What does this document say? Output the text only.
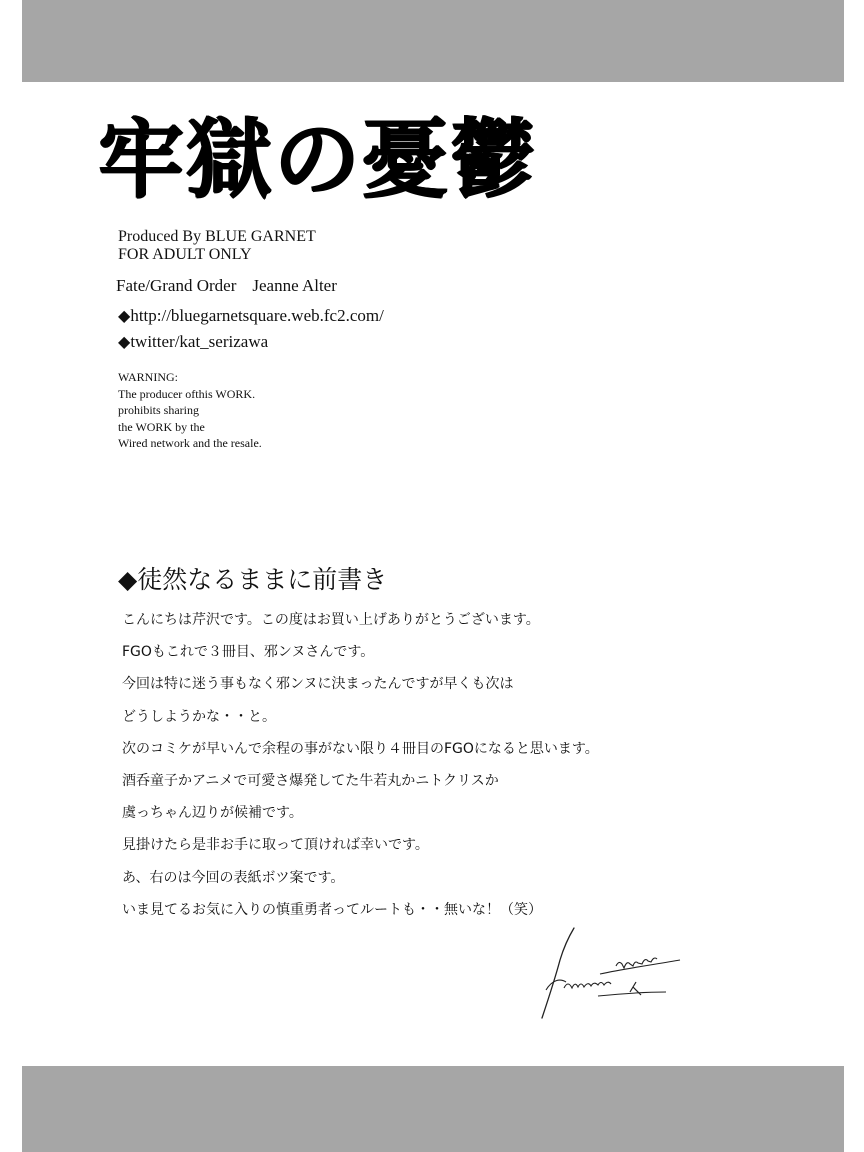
牢獄の憂鬱
Produced By BLUE GARNET
FOR ADULT ONLY
Fate/Grand Order Jeanne Alter
◆http://bluegarnetsquare.web.fc2.com/
◆twitter/kat_serizawa
WARNING:
The producer ofthis WORK.
prohibits sharing
the WORK by the
Wired network and the resale.
◆徒然なるままに前書き
こんにちは芹沢です。この度はお買い上げありがとうございます。
FGOもこれで３冊目、邪ンヌさんです。
今回は特に迷う事もなく邪ンヌに決まったんですが早くも次は
どうしようかな・・と。
次のコミケが早いんで余程の事がない限り４冊目のFGOになると思います。
酒呑童子かアニメで可愛さ爆発してた牛若丸かニトクリスか
虞っちゃん辺りが候補です。
見掛けたら是非お手に取って頂ければ幸いです。
あ、右のは今回の表紙ボツ案です。
いま見てるお気に入りの慎重勇者ってルートも・・無いな！（笑）
